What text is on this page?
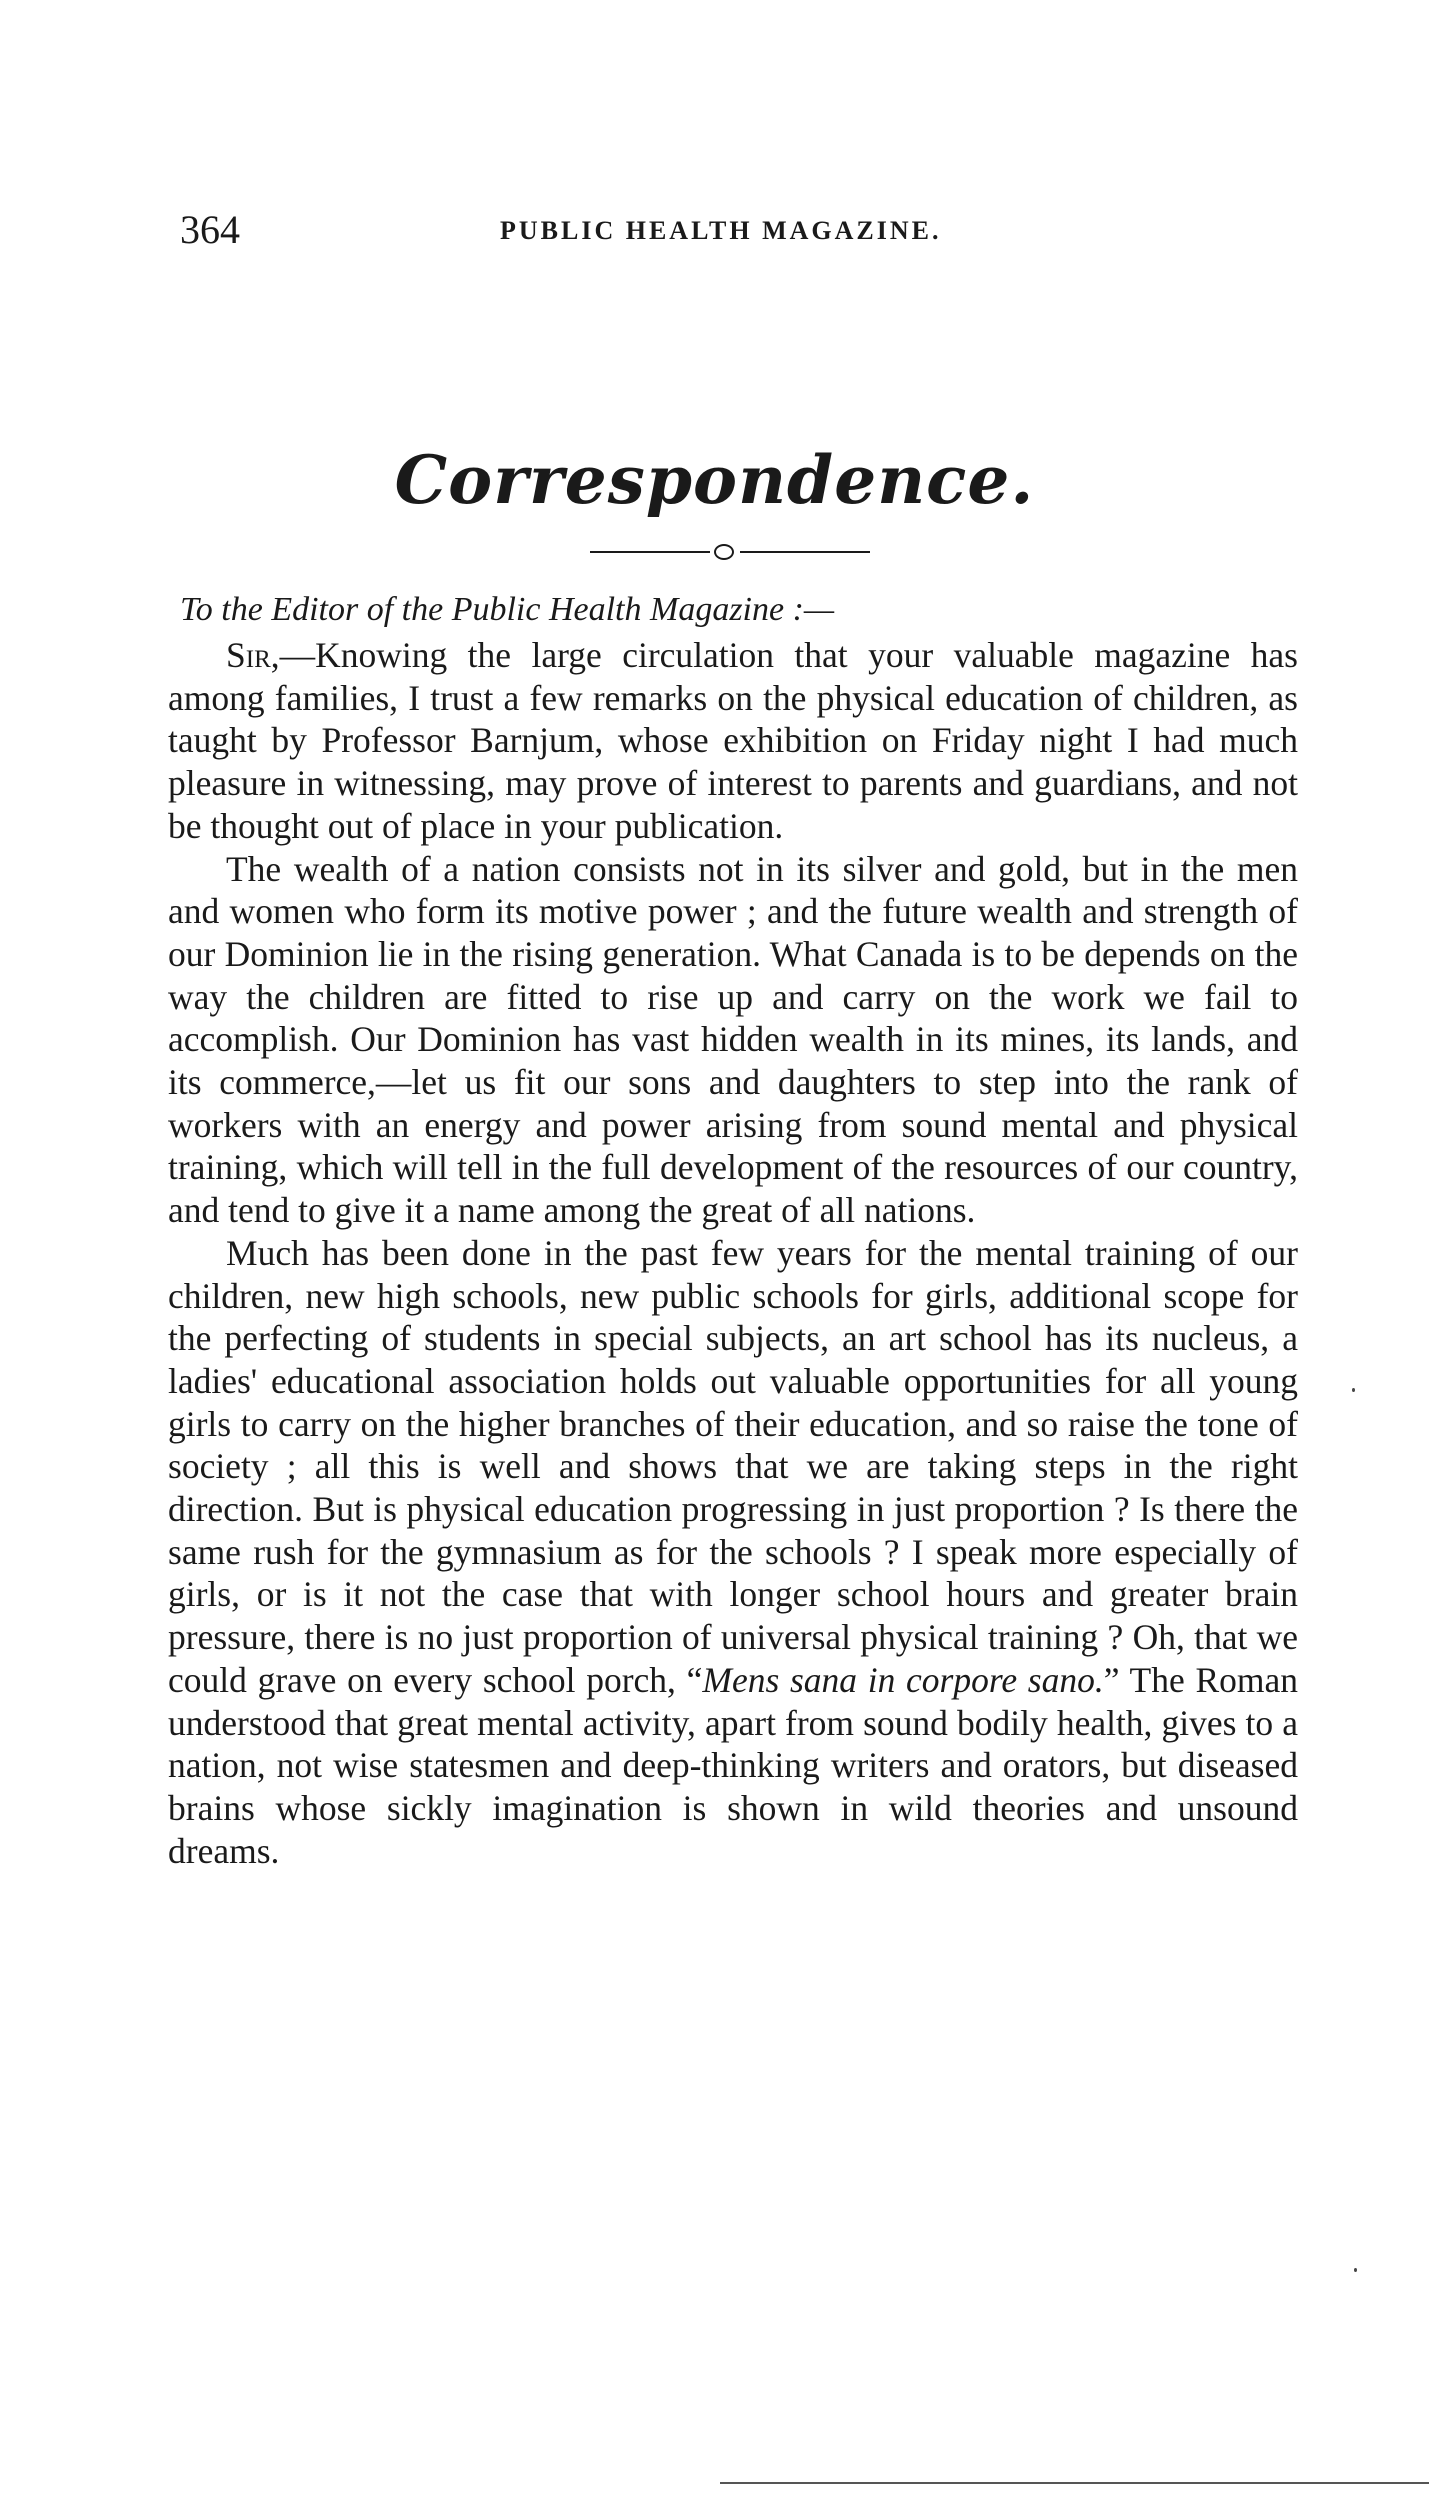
364	PUBLIC HEALTH MAGAZINE.
Correspondence.
To the Editor of the Public Health Magazine :—

Sir,—Knowing the large circulation that your valuable magazine has among families, I trust a few remarks on the physical education of children, as taught by Professor Barnjum, whose exhibition on Friday night I had much pleasure in witnessing, may prove of interest to parents and guardians, and not be thought out of place in your publication.

The wealth of a nation consists not in its silver and gold, but in the men and women who form its motive power ; and the future wealth and strength of our Dominion lie in the rising generation. What Canada is to be depends on the way the children are fitted to rise up and carry on the work we fail to accomplish. Our Dominion has vast hidden wealth in its mines, its lands, and its commerce,—let us fit our sons and daughters to step into the rank of workers with an energy and power arising from sound mental and physical training, which will tell in the full development of the resources of our country, and tend to give it a name among the great of all nations.

Much has been done in the past few years for the mental training of our children, new high schools, new public schools for girls, additional scope for the perfecting of students in special subjects, an art school has its nucleus, a ladies' educational association holds out valuable opportunities for all young girls to carry on the higher branches of their education, and so raise the tone of society ; all this is well and shows that we are taking steps in the right direction. But is physical education progressing in just proportion ? Is there the same rush for the gymnasium as for the schools ? I speak more especially of girls, or is it not the case that with longer school hours and greater brain pressure, there is no just proportion of universal physical training ? Oh, that we could grave on every school porch, “Mens sana in corpore sano.” The Roman understood that great mental activity, apart from sound bodily health, gives to a nation, not wise statesmen and deep-thinking writers and orators, but diseased brains whose sickly imagination is shown in wild theories and unsound dreams.
